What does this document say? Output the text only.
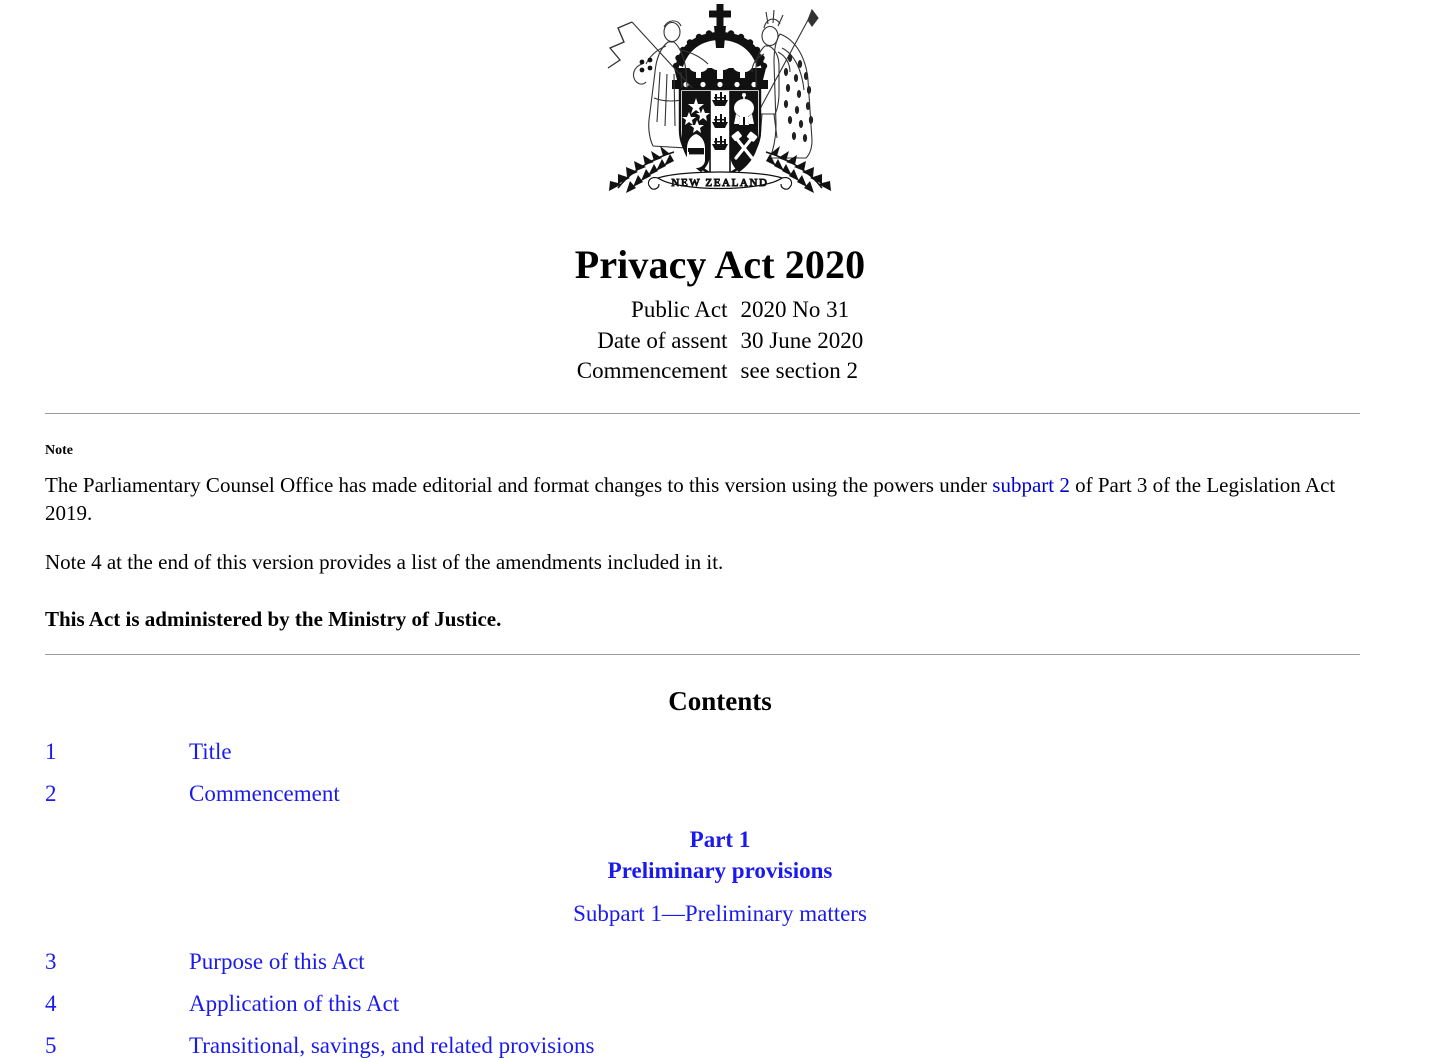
NEW ZEALAND
Privacy Act 2020
Public Act	2020 No 31
Date of assent	30 June 2020
Commencement	see section 2
Note

The Parliamentary Counsel Office has made editorial and format changes to this version using the powers under subpart 2 of Part 3 of the Legislation Act 2019.

Note 4 at the end of this version provides a list of the amendments included in it.

This Act is administered by the Ministry of Justice.

Contents
1	Title
2	Commencement
Part 1
Preliminary provisions
Subpart 1—Preliminary matters
3	Purpose of this Act
4	Application of this Act
5	Transitional, savings, and related provisions
